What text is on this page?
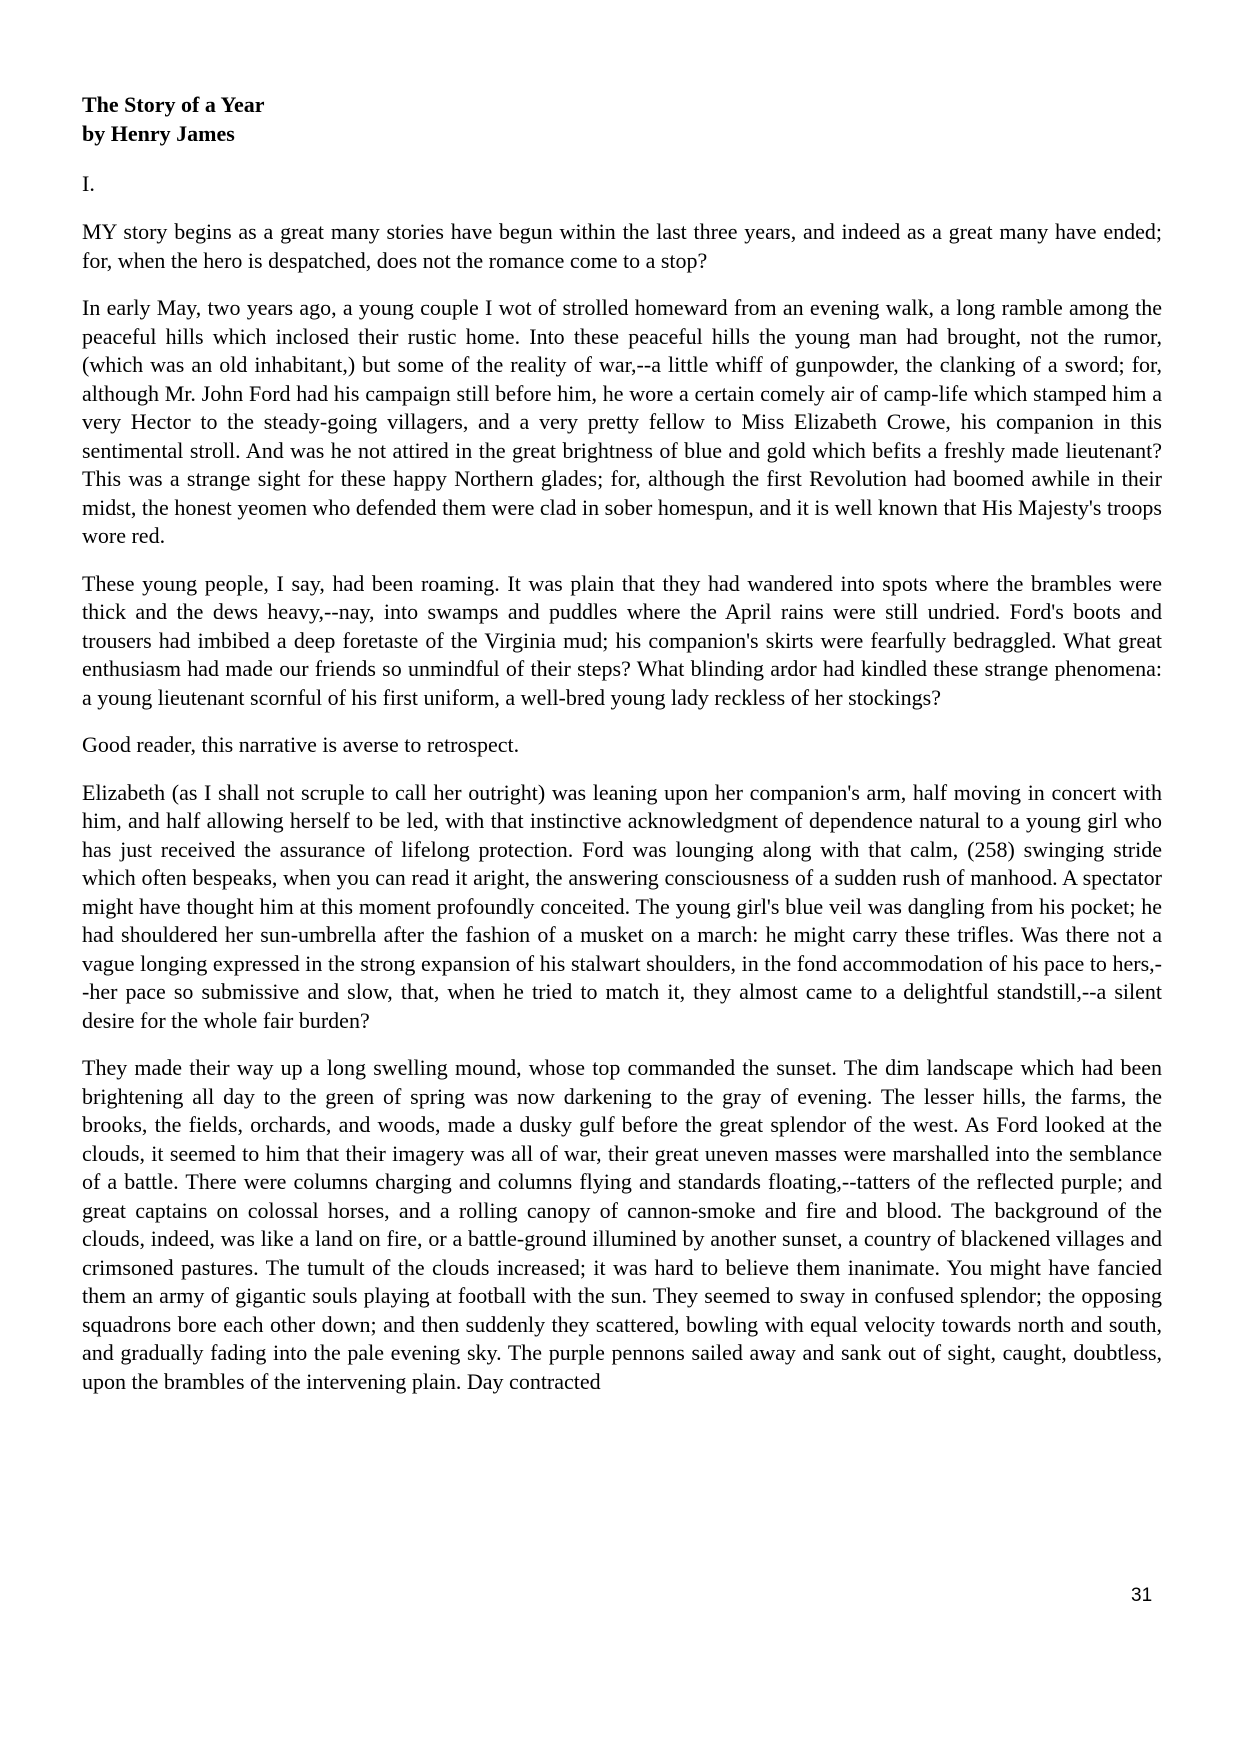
The Story of a Year
by Henry James
I.

MY story begins as a great many stories have begun within the last three years, and indeed as a great many have ended; for, when the hero is despatched, does not the romance come to a stop?

In early May, two years ago, a young couple I wot of strolled homeward from an evening walk, a long ramble among the peaceful hills which inclosed their rustic home. Into these peaceful hills the young man had brought, not the rumor, (which was an old inhabitant,) but some of the reality of war,--a little whiff of gunpowder, the clanking of a sword; for, although Mr. John Ford had his campaign still before him, he wore a certain comely air of camp-life which stamped him a very Hector to the steady-going villagers, and a very pretty fellow to Miss Elizabeth Crowe, his companion in this sentimental stroll. And was he not attired in the great brightness of blue and gold which befits a freshly made lieutenant? This was a strange sight for these happy Northern glades; for, although the first Revolution had boomed awhile in their midst, the honest yeomen who defended them were clad in sober homespun, and it is well known that His Majesty's troops wore red.

These young people, I say, had been roaming. It was plain that they had wandered into spots where the brambles were thick and the dews heavy,--nay, into swamps and puddles where the April rains were still undried. Ford's boots and trousers had imbibed a deep foretaste of the Virginia mud; his companion's skirts were fearfully bedraggled. What great enthusiasm had made our friends so unmindful of their steps? What blinding ardor had kindled these strange phenomena: a young lieutenant scornful of his first uniform, a well-bred young lady reckless of her stockings?

Good reader, this narrative is averse to retrospect.

Elizabeth (as I shall not scruple to call her outright) was leaning upon her companion's arm, half moving in concert with him, and half allowing herself to be led, with that instinctive acknowledgment of dependence natural to a young girl who has just received the assurance of lifelong protection. Ford was lounging along with that calm, (258) swinging stride which often bespeaks, when you can read it aright, the answering consciousness of a sudden rush of manhood. A spectator might have thought him at this moment profoundly conceited. The young girl's blue veil was dangling from his pocket; he had shouldered her sun-umbrella after the fashion of a musket on a march: he might carry these trifles. Was there not a vague longing expressed in the strong expansion of his stalwart shoulders, in the fond accommodation of his pace to hers,--her pace so submissive and slow, that, when he tried to match it, they almost came to a delightful standstill,--a silent desire for the whole fair burden?

They made their way up a long swelling mound, whose top commanded the sunset. The dim landscape which had been brightening all day to the green of spring was now darkening to the gray of evening. The lesser hills, the farms, the brooks, the fields, orchards, and woods, made a dusky gulf before the great splendor of the west. As Ford looked at the clouds, it seemed to him that their imagery was all of war, their great uneven masses were marshalled into the semblance of a battle. There were columns charging and columns flying and standards floating,--tatters of the reflected purple; and great captains on colossal horses, and a rolling canopy of cannon-smoke and fire and blood. The background of the clouds, indeed, was like a land on fire, or a battle-ground illumined by another sunset, a country of blackened villages and crimsoned pastures. The tumult of the clouds increased; it was hard to believe them inanimate. You might have fancied them an army of gigantic souls playing at football with the sun. They seemed to sway in confused splendor; the opposing squadrons bore each other down; and then suddenly they scattered, bowling with equal velocity towards north and south, and gradually fading into the pale evening sky. The purple pennons sailed away and sank out of sight, caught, doubtless, upon the brambles of the intervening plain. Day contracted

31
